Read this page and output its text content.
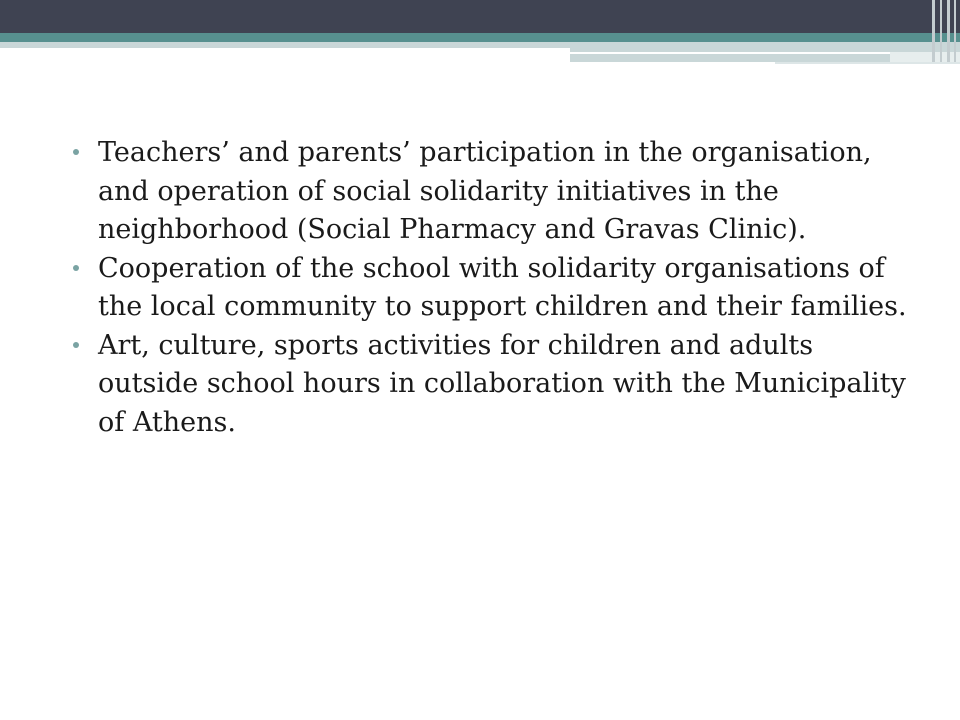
Teachers’ and parents’ participation in the organisation, and operation of social solidarity initiatives in the neighborhood (Social Pharmacy and Gravas Clinic).
Cooperation of the school with solidarity organisations of the local community to support children and their families.
Art, culture, sports activities for children and adults outside school hours in collaboration with the Municipality of Athens.
